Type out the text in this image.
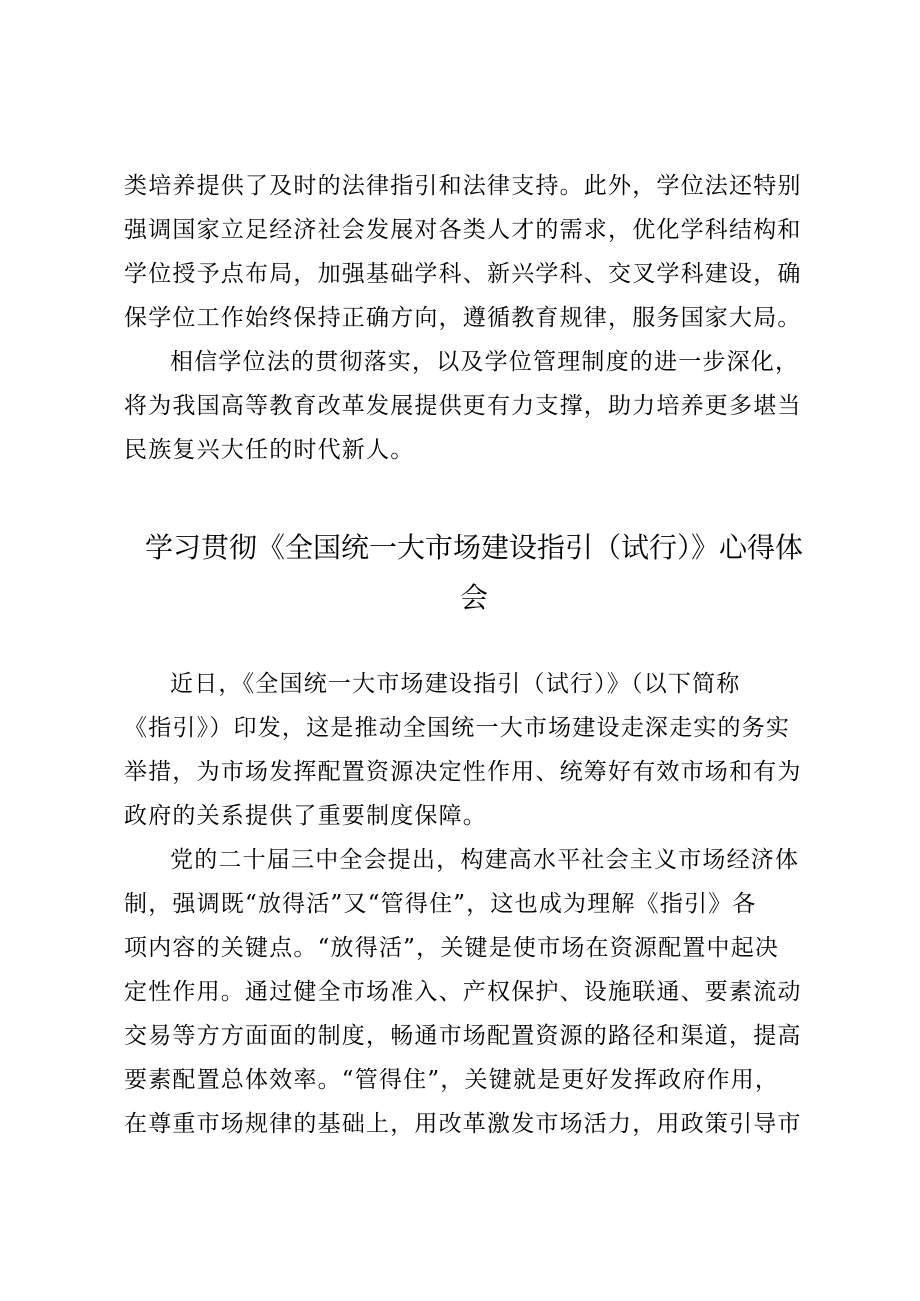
类培养提供了及时的法律指引和法律支持。此外，学位法还特别
强调国家立足经济社会发展对各类人才的需求，优化学科结构和
学位授予点布局，加强基础学科、新兴学科、交叉学科建设，确
保学位工作始终保持正确方向，遵循教育规律，服务国家大局。
相信学位法的贯彻落实，以及学位管理制度的进一步深化，
将为我国高等教育改革发展提供更有力支撑，助力培养更多堪当
民族复兴大任的时代新人。
学习贯彻《全国统一大市场建设指引（试行）》心得体
会
近日，《全国统一大市场建设指引（试行）》（以下简称
《指引》）印发，这是推动全国统一大市场建设走深走实的务实
举措，为市场发挥配置资源决定性作用、统筹好有效市场和有为
政府的关系提供了重要制度保障。
党的二十届三中全会提出，构建高水平社会主义市场经济体
制，强调既“放得活”又“管得住”，这也成为理解《指引》各
项内容的关键点。“放得活”，关键是使市场在资源配置中起决
定性作用。通过健全市场准入、产权保护、设施联通、要素流动
交易等方方面面的制度，畅通市场配置资源的路径和渠道，提高
要素配置总体效率。“管得住”，关键就是更好发挥政府作用，
在尊重市场规律的基础上，用改革激发市场活力，用政策引导市
